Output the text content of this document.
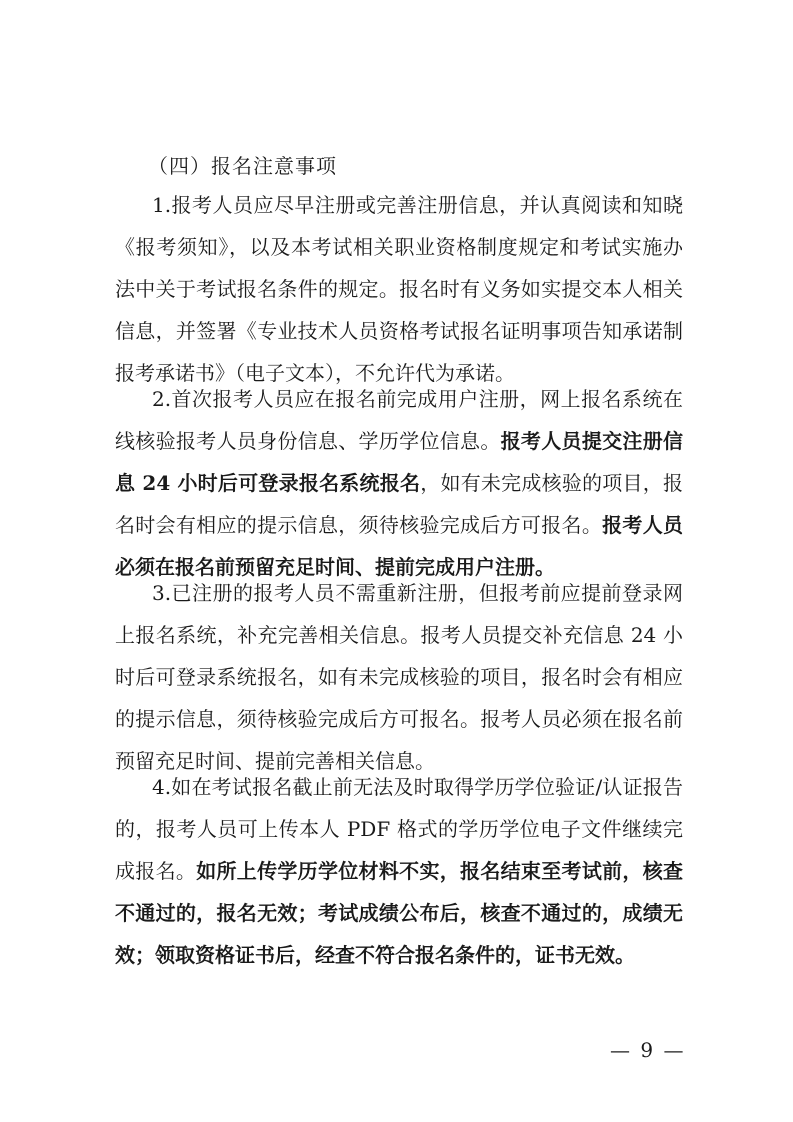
（四）报名注意事项

1.报考人员应尽早注册或完善注册信息，并认真阅读和知晓《报考须知》，以及本考试相关职业资格制度规定和考试实施办法中关于考试报名条件的规定。报名时有义务如实提交本人相关信息，并签署《专业技术人员资格考试报名证明事项告知承诺制报考承诺书》（电子文本），不允许代为承诺。

2.首次报考人员应在报名前完成用户注册，网上报名系统在线核验报考人员身份信息、学历学位信息。报考人员提交注册信息 24 小时后可登录报名系统报名，如有未完成核验的项目，报名时会有相应的提示信息，须待核验完成后方可报名。报考人员必须在报名前预留充足时间、提前完成用户注册。

3.已注册的报考人员不需重新注册，但报考前应提前登录网上报名系统，补充完善相关信息。报考人员提交补充信息 24 小时后可登录系统报名，如有未完成核验的项目，报名时会有相应的提示信息，须待核验完成后方可报名。报考人员必须在报名前预留充足时间、提前完善相关信息。

4.如在考试报名截止前无法及时取得学历学位验证/认证报告的，报考人员可上传本人 PDF 格式的学历学位电子文件继续完成报名。如所上传学历学位材料不实，报名结束至考试前，核查不通过的，报名无效；考试成绩公布后，核查不通过的，成绩无效；领取资格证书后，经查不符合报名条件的，证书无效。

— 9 —
